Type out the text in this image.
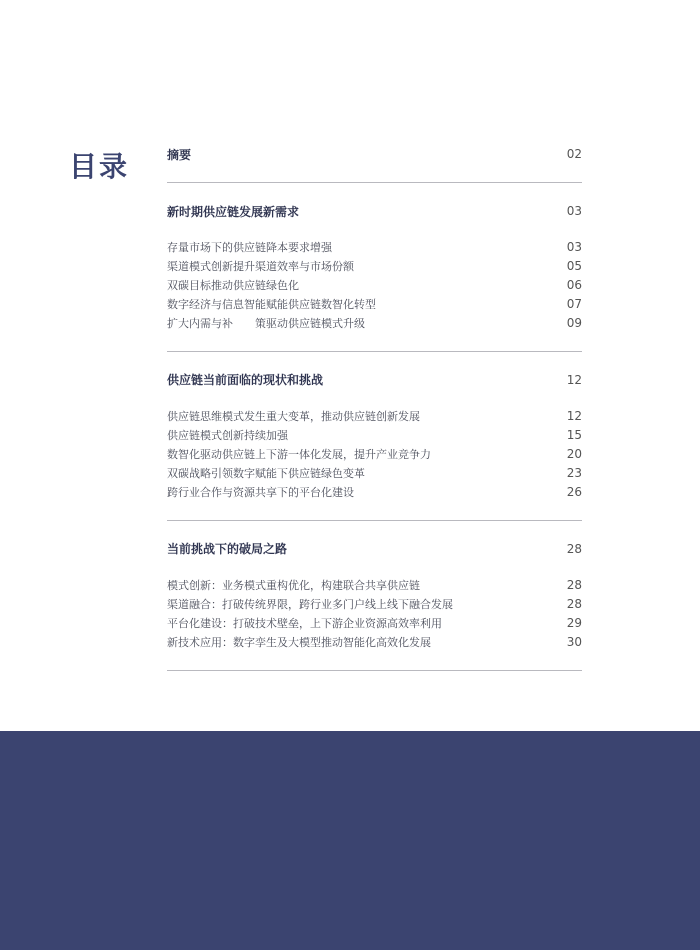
目录	摘要	02
新时期供应链发展新需求	03
存量市场下的供应链降本要求增强	03
渠道模式创新提升渠道效率与市场份额	05
双碳目标推动供应链绿色化	06
数字经济与信息智能赋能供应链数智化转型	07
扩大内需与补　　策驱动供应链模式升级	09
供应链当前面临的现状和挑战	12
供应链思维模式发生重大变革，推动供应链创新发展	12
供应链模式创新持续加强	15
数智化驱动供应链上下游一体化发展，提升产业竞争力	20
双碳战略引领数字赋能下供应链绿色变革	23
跨行业合作与资源共享下的平台化建设	26
当前挑战下的破局之路	28
模式创新：业务模式重构优化，构建联合共享供应链	28
渠道融合：打破传统界限，跨行业多门户线上线下融合发展	28
平台化建设：打破技术壁垒，上下游企业资源高效率利用	29
新技术应用：数字孪生及大模型推动智能化高效化发展	30
